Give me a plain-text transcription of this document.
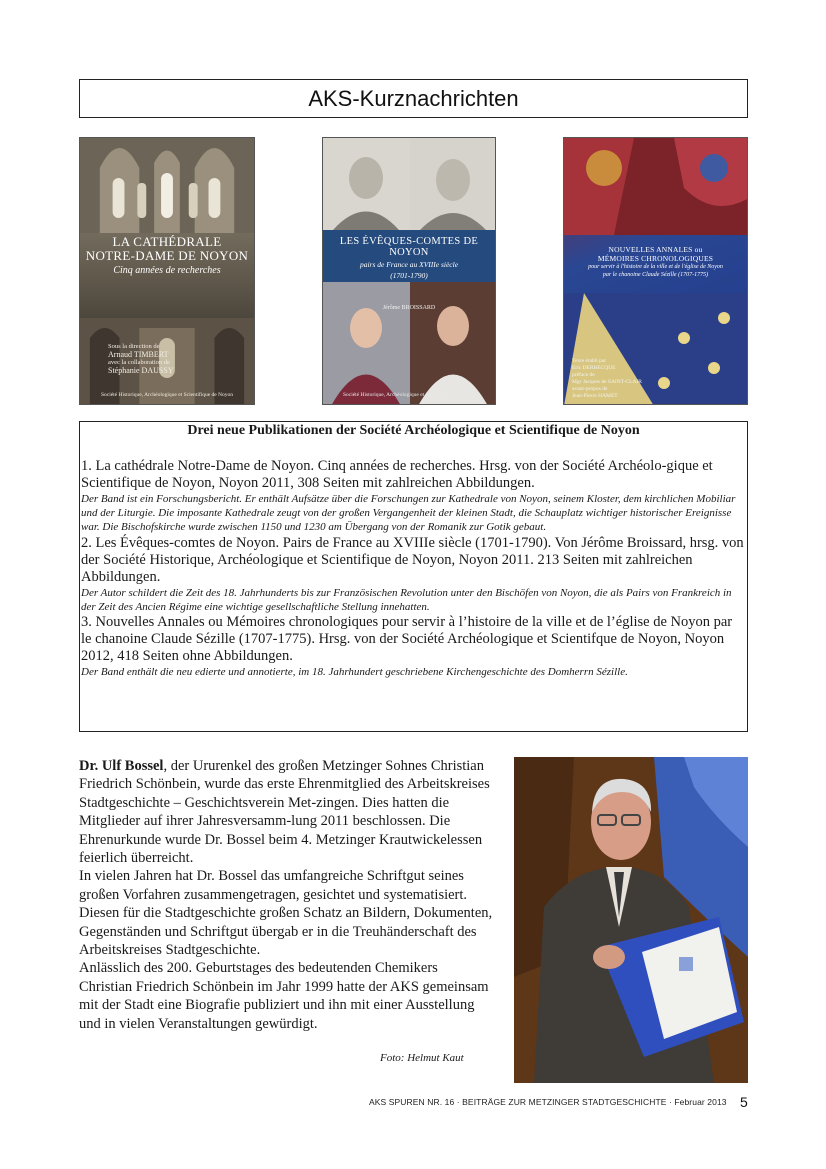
AKS-Kurznachrichten
LA CATHÉDRALE
NOTRE-DAME DE NOYON
Cinq années de recherches
Sous la direction de
Arnaud TIMBERT
avec la collaboration de
Stéphanie DAUSSY
Société Historique, Archéologique et Scientifique de Noyon
LES ÉVÊQUES-COMTES DE NOYON
pairs de France au XVIIIe siècle
(1701-1790)
Jérôme BROISSARD
Société Historique, Archéologique et Scientifique de Noyon
NOUVELLES ANNALES ou
MÉMOIRES CHRONOLOGIQUES
pour servir à l'histoire de la ville et de l'église de Noyon
par le chanoine Claude Sézille (1707-1775)
Texte établi par
Eric DERBECQUE
préface de
Mgr Jacques de SAINT-CLAIR
avant-propos de
Jean-Pierre HAMET
Drei neue Publikationen der Société Archéologique et Scientifique de Noyon
1. La cathédrale Notre-Dame de Noyon. Cinq années de recherches. Hrsg. von der Société Archéolo-gique et Scientifique de Noyon, Noyon 2011, 308 Seiten mit zahlreichen Abbildungen.
Der Band ist ein Forschungsbericht. Er enthält Aufsätze über die Forschungen zur Kathedrale von Noyon, seinem Kloster, dem kirchlichen Mobiliar und der Liturgie. Die imposante Kathedrale zeugt von der großen Vergangenheit der kleinen Stadt, die Schauplatz wichtiger historischer Ereignisse war. Die Bischofskirche wurde zwischen 1150 und 1230 am Übergang von der Romanik zur Gotik gebaut.
2. Les Évêques-comtes de Noyon. Pairs de France au XVIIIe siècle (1701-1790). Von Jérôme Broissard, hrsg. von der Société Historique, Archéologique et Scientifique de Noyon, Noyon 2011. 213 Seiten mit zahlreichen Abbildungen.
Der Autor schildert die Zeit des 18. Jahrhunderts bis zur Französischen Revolution unter den Bischöfen von Noyon, die als Pairs von Frankreich in der Zeit des Ancien Régime eine wichtige gesellschaftliche Stellung innehatten.
3. Nouvelles Annales ou Mémoires chronologiques pour servir à l’histoire de la ville et de l’église de Noyon par le chanoine Claude Sézille (1707-1775). Hrsg. von der Société Archéologique et Scientifque de Noyon, Noyon 2012, 418 Seiten ohne Abbildungen.
Der Band enthält die neu edierte und annotierte, im 18. Jahrhundert geschriebene Kirchengeschichte des Domherrn Sézille.
Dr. Ulf Bossel, der Ururenkel des großen Metzinger Sohnes Christian Friedrich Schönbein, wurde das erste Ehrenmitglied des Arbeitskreises Stadtgeschichte – Geschichtsverein Met-zingen. Dies hatten die Mitglieder auf ihrer Jahresversamm-lung 2011 beschlossen. Die Ehrenurkunde wurde Dr. Bossel beim 4. Metzinger Krautwickelessen feierlich überreicht.
In vielen Jahren hat Dr. Bossel das umfangreiche Schriftgut seines großen Vorfahren zusammengetragen, gesichtet und systematisiert. Diesen für die Stadtgeschichte großen Schatz an Bildern, Dokumenten, Gegenständen und Schriftgut übergab er in die Treuhänderschaft des Arbeitskreises Stadtgeschichte.
Anlässlich des 200. Geburtstages des bedeutenden Chemikers Christian Friedrich Schönbein im Jahr 1999 hatte der AKS gemeinsam mit der Stadt eine Biografie publiziert und ihn mit einer Ausstellung und in vielen Veranstaltungen gewürdigt.
Foto: Helmut Kaut
AKS SPUREN NR. 16 · BEITRÄGE ZUR METZINGER STADTGESCHICHTE · Februar 2013 5
